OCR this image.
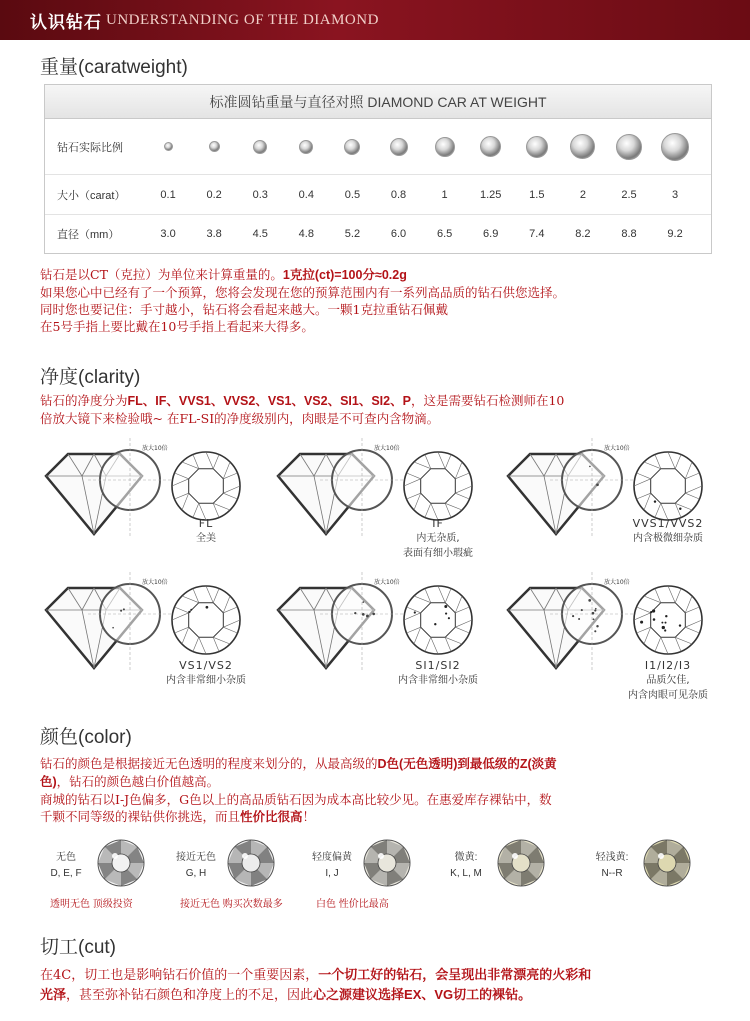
认识钻石 UNDERSTANDING OF THE DIAMOND
重量(caratweight)
标准圆钻重量与直径对照 DIAMOND CAR AT WEIGHT
钻石实际比例
大小（carat）	0.1	0.2	0.3	0.4	0.5	0.8	1	1.25	1.5	2	2.5	3
直径（mm）	3.0	3.8	4.5	4.8	5.2	6.0	6.5	6.9	7.4	8.2	8.8	9.2
钻石是以CT（克拉）为单位来计算重量的。1克拉(ct)=100分≈0.2g
如果您心中已经有了一个预算，您将会发现在您的预算范围内有一系列高品质的钻石供您选择。
同时您也要记住：手寸越小，钻石将会看起来越大。一颗1克拉重钻石佩戴
在5号手指上要比戴在10号手指上看起来大得多。
净度(clarity)
钻石的净度分为FL、IF、VVS1、VVS2、VS1、VS2、SI1、SI2、P，这是需要钻石检测师在10
倍放大镜下来检验哦~ 在FL-SI的净度级别内，肉眼是不可查内含物滴。
放大10倍
FL
全美
放大10倍
IF
内无杂质,
表面有细小瑕疵
放大10倍
VVS1/VVS2
内含极微细杂质
放大10倍
VS1/VS2
内含非常细小杂质
放大10倍
SI1/SI2
内含非常细小杂质
放大10倍
I1/I2/I3
品质欠佳,
内含肉眼可见杂质
颜色(color)
钻石的颜色是根据接近无色透明的程度来划分的，从最高级的D色(无色透明)到最低级的Z(淡黄
色)，钻石的颜色越白价值越高。
商城的钻石以I-J色偏多，G色以上的高品质钻石因为成本高比较少见。在惠爱库存裸钻中，数
千颗不同等级的裸钻供你挑选，而且性价比很高！
无色
D, E, F
透明无色 顶级投资
接近无色
G, H
接近无色 购买次数最多
轻度偏黄
I, J
白色 性价比最高
微黄:
K, L, M
轻浅黄:
N--R
切工(cut)
在4C，切工也是影响钻石价值的一个重要因素，一个切工好的钻石，会呈现出非常漂亮的火彩和
光泽，甚至弥补钻石颜色和净度上的不足，因此心之源建议选择EX、VG切工的裸钻。
